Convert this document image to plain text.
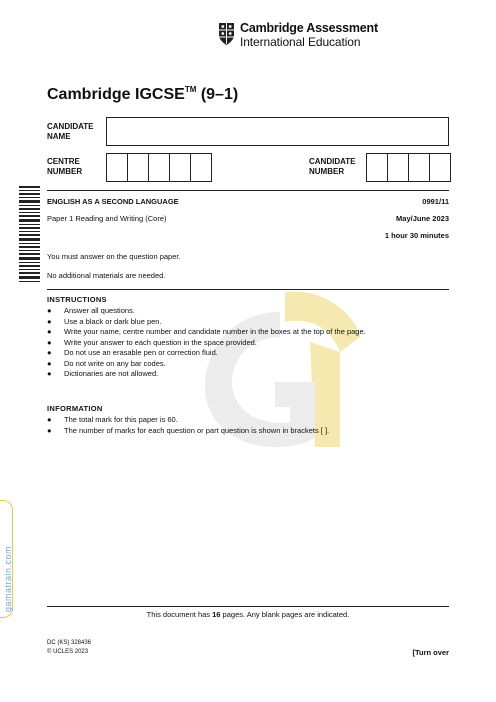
Cambridge Assessment
International Education
Cambridge IGCSE™ (9–1)
CANDIDATE NAME
CENTRE NUMBER
CANDIDATE NUMBER
ENGLISH AS A SECOND LANGUAGE	0991/11
Paper 1 Reading and Writing (Core)	May/June 2023
1 hour 30 minutes
You must answer on the question paper.
No additional materials are needed.
INSTRUCTIONS
● Answer all questions.
● Use a black or dark blue pen.
● Write your name, centre number and candidate number in the boxes at the top of the page.
● Write your answer to each question in the space provided.
● Do not use an erasable pen or correction fluid.
● Do not write on any bar codes.
● Dictionaries are not allowed.
INFORMATION
● The total mark for this paper is 60.
● The number of marks for each question or part question is shown in brackets [ ].
gamatrain.com
This document has 16 pages. Any blank pages are indicated.
DC (KS) 328436
© UCLES 2023	[Turn over
